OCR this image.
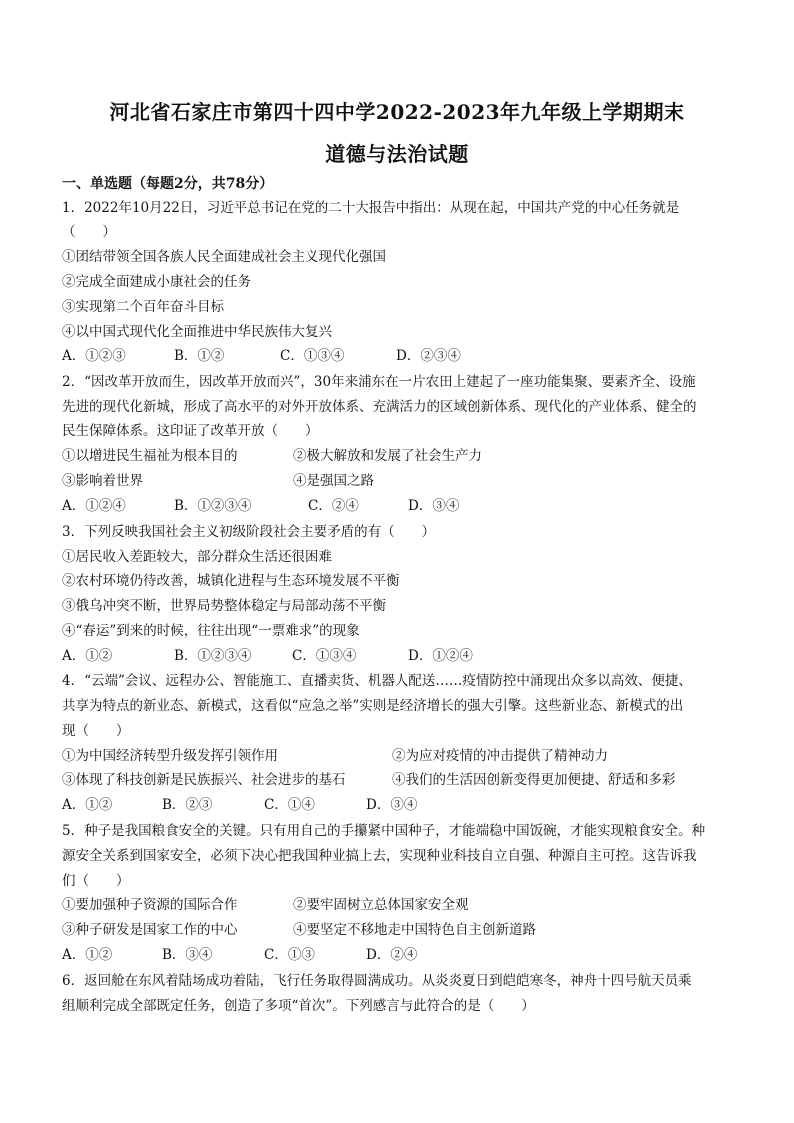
河北省石家庄市第四十四中学2022-2023年九年级上学期期末
道德与法治试题
一、单选题（每题2分，共78分）
1．2022年10月22日，习近平总书记在党的二十大报告中指出：从现在起，中国共产党的中心任务就是
（　　）
①团结带领全国各族人民全面建成社会主义现代化强国
②完成全面建成小康社会的任务
③实现第二个百年奋斗目标
④以中国式现代化全面推进中华民族伟大复兴
A．①②③	B．①②	C．①③④	D．②③④
2．“因改革开放而生，因改革开放而兴”，30年来浦东在一片农田上建起了一座功能集聚、要素齐全、设施
先进的现代化新城，形成了高水平的对外开放体系、充满活力的区域创新体系、现代化的产业体系、健全的
民生保障体系。这印证了改革开放（　　）
①以增进民生福祉为根本目的	②极大解放和发展了社会生产力
③影响着世界	④是强国之路
A．①②④	B．①②③④	C．②④	D．③④
3．下列反映我国社会主义初级阶段社会主要矛盾的有（　　）
①居民收入差距较大，部分群众生活还很困难
②农村环境仍待改善，城镇化进程与生态环境发展不平衡
③俄乌冲突不断，世界局势整体稳定与局部动荡不平衡
④“春运”到来的时候，往往出现“一票难求”的现象
A．①②	B．①②③④	C．①③④	D．①②④
4．“云端”会议、远程办公、智能施工、直播卖货、机器人配送……疫情防控中涌现出众多以高效、便捷、
共享为特点的新业态、新模式，这看似“应急之举”实则是经济增长的强大引擎。这些新业态、新模式的出
现（　　）
①为中国经济转型升级发挥引领作用	②为应对疫情的冲击提供了精神动力
③体现了科技创新是民族振兴、社会进步的基石	④我们的生活因创新变得更加便捷、舒适和多彩
A．①②	B．②③	C．①④	D．③④
5．种子是我国粮食安全的关键。只有用自己的手攥紧中国种子，才能端稳中国饭碗，才能实现粮食安全。种
源安全关系到国家安全，必须下决心把我国种业搞上去，实现种业科技自立自强、种源自主可控。这告诉我
们（　　）
①要加强种子资源的国际合作	②要牢固树立总体国家安全观
③种子研发是国家工作的中心	④要坚定不移地走中国特色自主创新道路
A．①②	B．③④	C．①③	D．②④
6．返回舱在东风着陆场成功着陆，飞行任务取得圆满成功。从炎炎夏日到皑皑寒冬，神舟十四号航天员乘
组顺利完成全部既定任务，创造了多项“首次”。下列感言与此符合的是（　　）
